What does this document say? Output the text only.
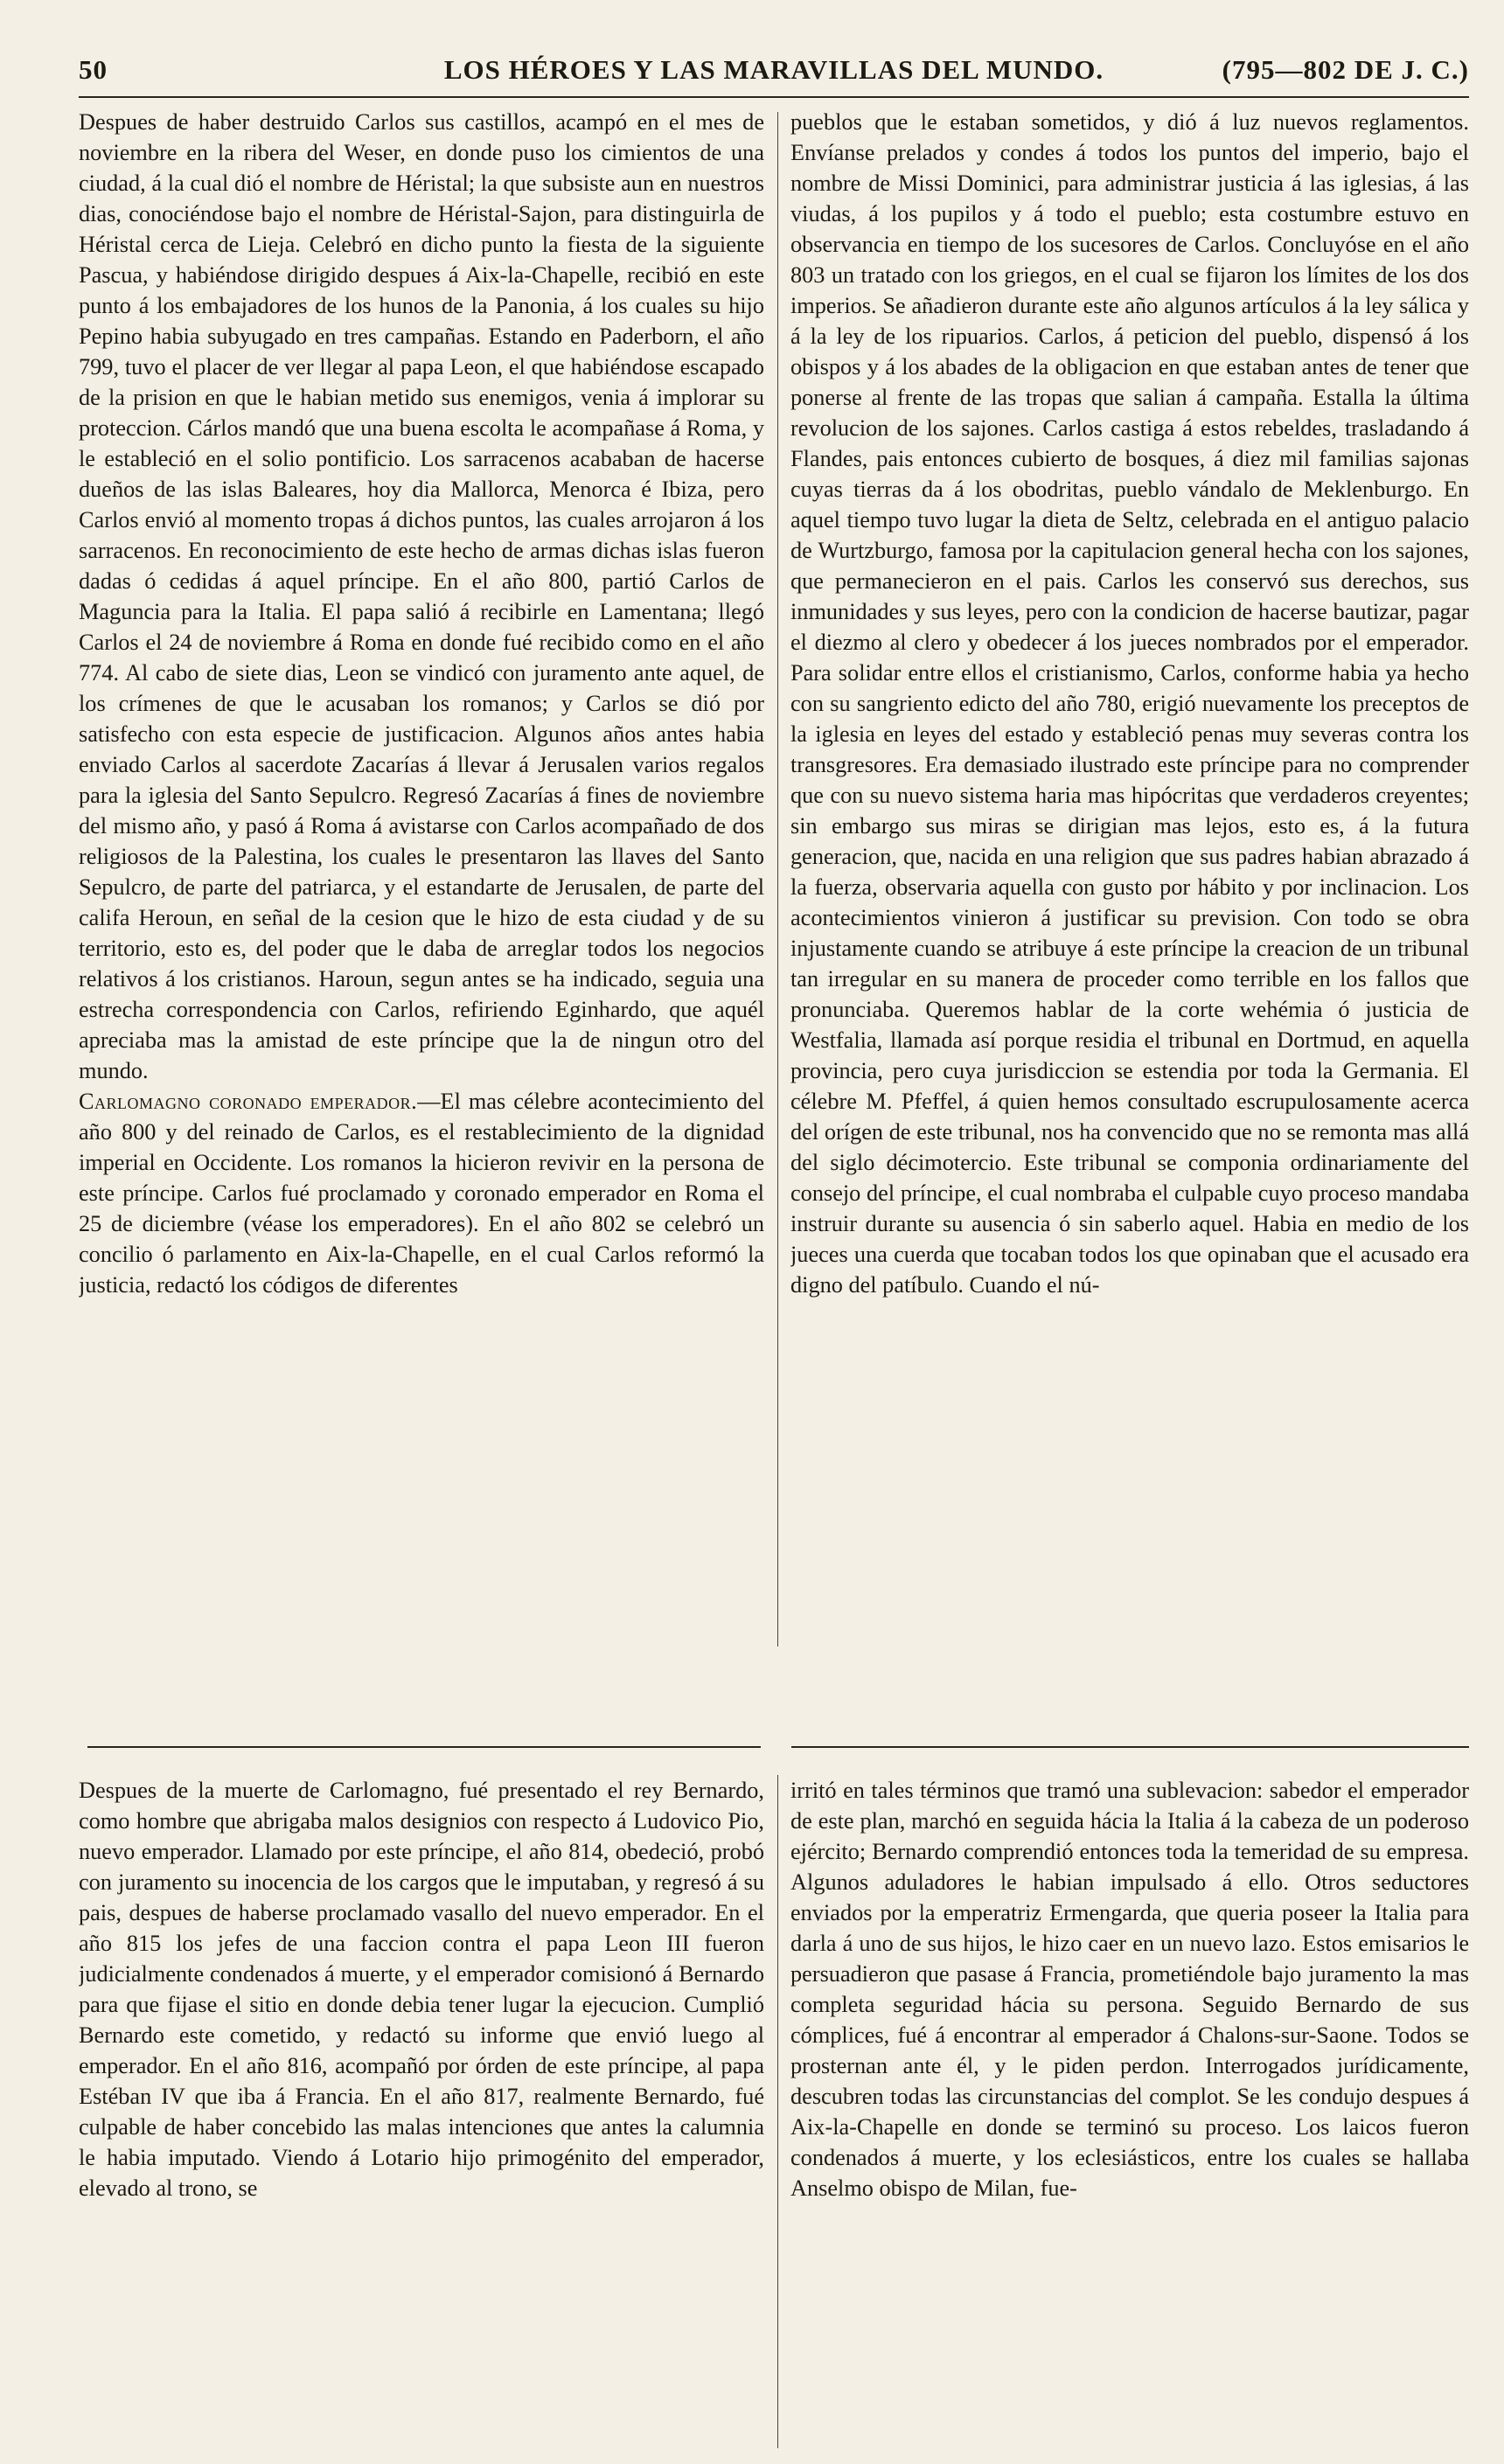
50	LOS HÉROES Y LAS MARAVILLAS DEL MUNDO.	(795—802 DE J. C.)

Despues de haber destruido Carlos sus castillos, acampó en el mes de noviembre en la ribera del Weser, en donde puso los cimientos de una ciudad, á la cual dió el nombre de Héristal; la que subsiste aun en nuestros dias, conociéndose bajo el nombre de Héristal-Sajon, para distinguirla de Héristal cerca de Lieja. Celebró en dicho punto la fiesta de la siguiente Pascua, y habiéndose dirigido despues á Aix-la-Chapelle, recibió en este punto á los embajadores de los hunos de la Panonia, á los cuales su hijo Pepino habia subyugado en tres campañas. Estando en Paderborn, el año 799, tuvo el placer de ver llegar al papa Leon, el que habiéndose escapado de la prision en que le habian metido sus enemigos, venia á implorar su proteccion. Cárlos mandó que una buena escolta le acompañase á Roma, y le estableció en el solio pontificio. Los sarracenos acababan de hacerse dueños de las islas Baleares, hoy dia Mallorca, Menorca é Ibiza, pero Carlos envió al momento tropas á dichos puntos, las cuales arrojaron á los sarracenos. En reconocimiento de este hecho de armas dichas islas fueron dadas ó cedidas á aquel príncipe. En el año 800, partió Carlos de Maguncia para la Italia. El papa salió á recibirle en Lamentana; llegó Carlos el 24 de noviembre á Roma en donde fué recibido como en el año 774. Al cabo de siete dias, Leon se vindicó con juramento ante aquel, de los crímenes de que le acusaban los romanos; y Carlos se dió por satisfecho con esta especie de justificacion. Algunos años antes habia enviado Carlos al sacerdote Zacarías á llevar á Jerusalen varios regalos para la iglesia del Santo Sepulcro. Regresó Zacarías á fines de noviembre del mismo año, y pasó á Roma á avistarse con Carlos acompañado de dos religiosos de la Palestina, los cuales le presentaron las llaves del Santo Sepulcro, de parte del patriarca, y el estandarte de Jerusalen, de parte del califa Heroun, en señal de la cesion que le hizo de esta ciudad y de su territorio, esto es, del poder que le daba de arreglar todos los negocios relativos á los cristianos. Haroun, segun antes se ha indicado, seguia una estrecha correspondencia con Carlos, refiriendo Eginhardo, que aquél apreciaba mas la amistad de este príncipe que la de ningun otro del mundo.

Carlomagno coronado emperador.—El mas célebre acontecimiento del año 800 y del reinado de Carlos, es el restablecimiento de la dignidad imperial en Occidente. Los romanos la hicieron revivir en la persona de este príncipe. Carlos fué proclamado y coronado emperador en Roma el 25 de diciembre (véase los emperadores). En el año 802 se celebró un concilio ó parlamento en Aix-la-Chapelle, en el cual Carlos reformó la justicia, redactó los códigos de diferentes

pueblos que le estaban sometidos, y dió á luz nuevos reglamentos. Envíanse prelados y condes á todos los puntos del imperio, bajo el nombre de Missi Dominici, para administrar justicia á las iglesias, á las viudas, á los pupilos y á todo el pueblo; esta costumbre estuvo en observancia en tiempo de los sucesores de Carlos. Concluyóse en el año 803 un tratado con los griegos, en el cual se fijaron los límites de los dos imperios. Se añadieron durante este año algunos artículos á la ley sálica y á la ley de los ripuarios. Carlos, á peticion del pueblo, dispensó á los obispos y á los abades de la obligacion en que estaban antes de tener que ponerse al frente de las tropas que salian á campaña. Estalla la última revolucion de los sajones. Carlos castiga á estos rebeldes, trasladando á Flandes, pais entonces cubierto de bosques, á diez mil familias sajonas cuyas tierras da á los obodritas, pueblo vándalo de Meklenburgo. En aquel tiempo tuvo lugar la dieta de Seltz, celebrada en el antiguo palacio de Wurtzburgo, famosa por la capitulacion general hecha con los sajones, que permanecieron en el pais. Carlos les conservó sus derechos, sus inmunidades y sus leyes, pero con la condicion de hacerse bautizar, pagar el diezmo al clero y obedecer á los jueces nombrados por el emperador. Para solidar entre ellos el cristianismo, Carlos, conforme habia ya hecho con su sangriento edicto del año 780, erigió nuevamente los preceptos de la iglesia en leyes del estado y estableció penas muy severas contra los transgresores. Era demasiado ilustrado este príncipe para no comprender que con su nuevo sistema haria mas hipócritas que verdaderos creyentes; sin embargo sus miras se dirigian mas lejos, esto es, á la futura generacion, que, nacida en una religion que sus padres habian abrazado á la fuerza, observaria aquella con gusto por hábito y por inclinacion. Los acontecimientos vinieron á justificar su prevision. Con todo se obra injustamente cuando se atribuye á este príncipe la creacion de un tribunal tan irregular en su manera de proceder como terrible en los fallos que pronunciaba. Queremos hablar de la corte wehémia ó justicia de Westfalia, llamada así porque residia el tribunal en Dortmud, en aquella provincia, pero cuya jurisdiccion se estendia por toda la Germania. El célebre M. Pfeffel, á quien hemos consultado escrupulosamente acerca del orígen de este tribunal, nos ha convencido que no se remonta mas allá del siglo décimotercio. Este tribunal se componia ordinariamente del consejo del príncipe, el cual nombraba el culpable cuyo proceso mandaba instruir durante su ausencia ó sin saberlo aquel. Habia en medio de los jueces una cuerda que tocaban todos los que opinaban que el acusado era digno del patíbulo. Cuando el nú-

Despues de la muerte de Carlomagno, fué presentado el rey Bernardo, como hombre que abrigaba malos designios con respecto á Ludovico Pio, nuevo emperador. Llamado por este príncipe, el año 814, obedeció, probó con juramento su inocencia de los cargos que le imputaban, y regresó á su pais, despues de haberse proclamado vasallo del nuevo emperador. En el año 815 los jefes de una faccion contra el papa Leon III fueron judicialmente condenados á muerte, y el emperador comisionó á Bernardo para que fijase el sitio en donde debia tener lugar la ejecucion. Cumplió Bernardo este cometido, y redactó su informe que envió luego al emperador. En el año 816, acompañó por órden de este príncipe, al papa Estéban IV que iba á Francia. En el año 817, realmente Bernardo, fué culpable de haber concebido las malas intenciones que antes la calumnia le habia imputado. Viendo á Lotario hijo primogénito del emperador, elevado al trono, se

irritó en tales términos que tramó una sublevacion: sabedor el emperador de este plan, marchó en seguida hácia la Italia á la cabeza de un poderoso ejército; Bernardo comprendió entonces toda la temeridad de su empresa. Algunos aduladores le habian impulsado á ello. Otros seductores enviados por la emperatriz Ermengarda, que queria poseer la Italia para darla á uno de sus hijos, le hizo caer en un nuevo lazo. Estos emisarios le persuadieron que pasase á Francia, prometiéndole bajo juramento la mas completa seguridad hácia su persona. Seguido Bernardo de sus cómplices, fué á encontrar al emperador á Chalons-sur-Saone. Todos se prosternan ante él, y le piden perdon. Interrogados jurídicamente, descubren todas las circunstancias del complot. Se les condujo despues á Aix-la-Chapelle en donde se terminó su proceso. Los laicos fueron condenados á muerte, y los eclesiásticos, entre los cuales se hallaba Anselmo obispo de Milan, fue-
